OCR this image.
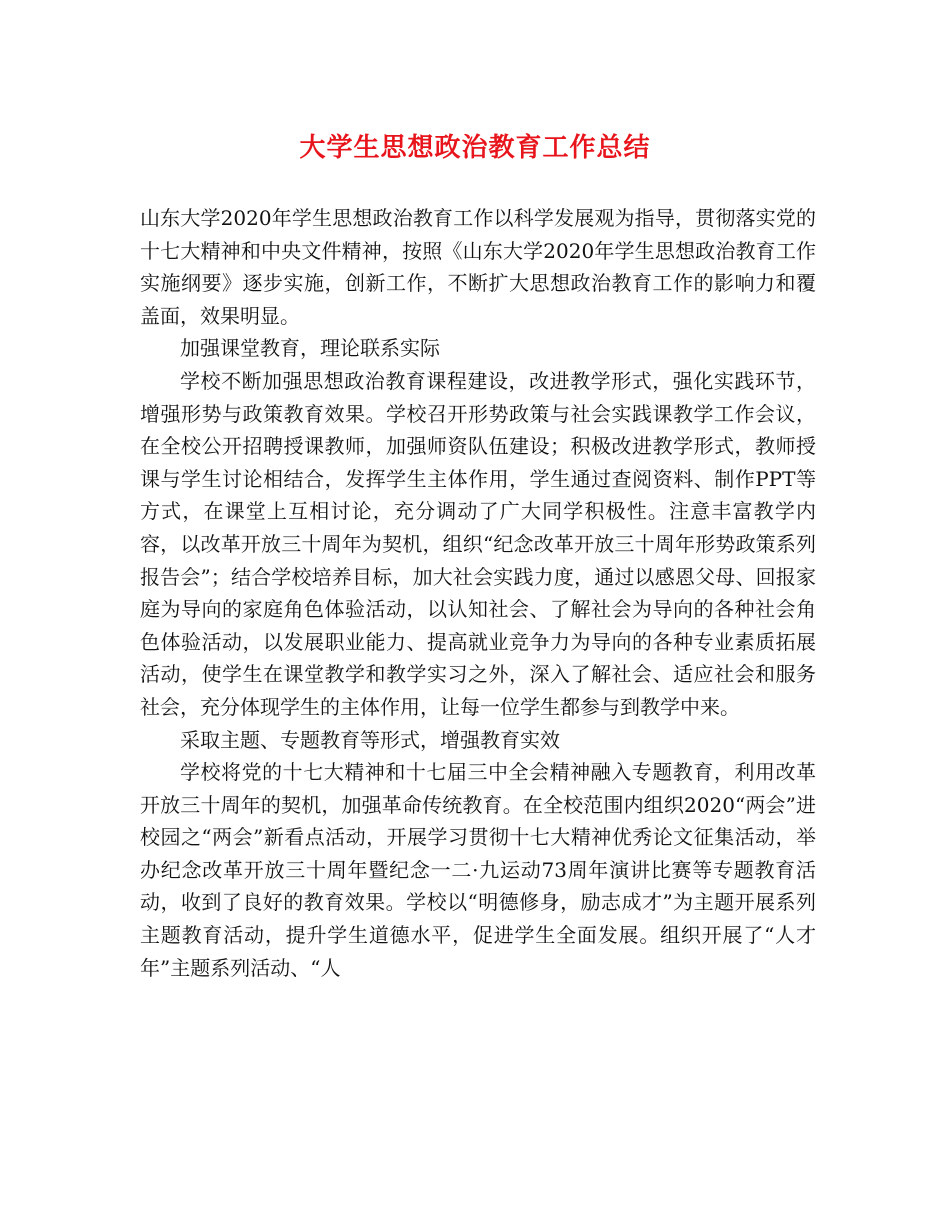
大学生思想政治教育工作总结

山东大学2020年学生思想政治教育工作以科学发展观为指导，贯彻落实党的十七大精神和中央文件精神，按照《山东大学2020年学生思想政治教育工作实施纲要》逐步实施，创新工作，不断扩大思想政治教育工作的影响力和覆盖面，效果明显。

加强课堂教育，理论联系实际

学校不断加强思想政治教育课程建设，改进教学形式，强化实践环节，增强形势与政策教育效果。学校召开形势政策与社会实践课教学工作会议，在全校公开招聘授课教师，加强师资队伍建设；积极改进教学形式，教师授课与学生讨论相结合，发挥学生主体作用，学生通过查阅资料、制作PPT等方式，在课堂上互相讨论，充分调动了广大同学积极性。注意丰富教学内容，以改革开放三十周年为契机，组织“纪念改革开放三十周年形势政策系列报告会”；结合学校培养目标，加大社会实践力度，通过以感恩父母、回报家庭为导向的家庭角色体验活动，以认知社会、了解社会为导向的各种社会角色体验活动，以发展职业能力、提高就业竞争力为导向的各种专业素质拓展活动，使学生在课堂教学和教学实习之外，深入了解社会、适应社会和服务社会，充分体现学生的主体作用，让每一位学生都参与到教学中来。

采取主题、专题教育等形式，增强教育实效

学校将党的十七大精神和十七届三中全会精神融入专题教育，利用改革开放三十周年的契机，加强革命传统教育。在全校范围内组织2020“两会”进校园之“两会”新看点活动，开展学习贯彻十七大精神优秀论文征集活动，举办纪念改革开放三十周年暨纪念一二·九运动73周年演讲比赛等专题教育活动，收到了良好的教育效果。学校以“明德修身，励志成才”为主题开展系列主题教育活动，提升学生道德水平，促进学生全面发展。组织开展了“人才年”主题系列活动、“人
